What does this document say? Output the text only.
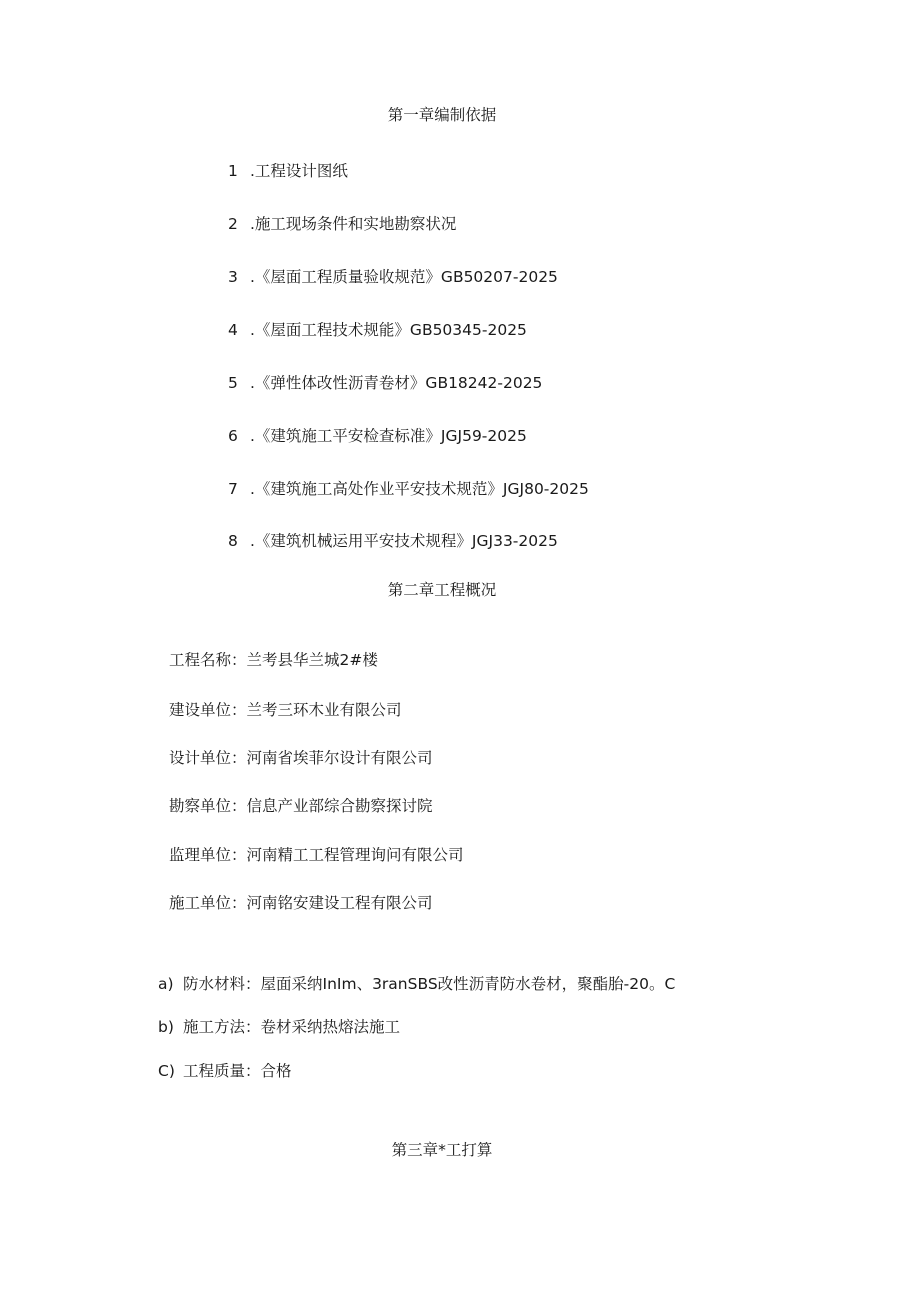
第一章编制依据
1 .工程设计图纸
2 .施工现场条件和实地勘察状况
3 .《屋面工程质量验收规范》GB50207-2025
4 .《屋面工程技术规能》GB50345-2025
5 .《弹性体改性沥青卷材》GB18242-2025
6 .《建筑施工平安检查标准》JGJ59-2025
7 .《建筑施工高处作业平安技术规范》JGJ80-2025
8 .《建筑机械运用平安技术规程》JGJ33-2025
第二章工程概况
工程名称：兰考县华兰城2#楼
建设单位：兰考三环木业有限公司
设计单位：河南省埃菲尔设计有限公司
勘察单位：信息产业部综合勘察探讨院
监理单位：河南精工工程管理询问有限公司
施工单位：河南铭安建设工程有限公司
a) 防水材料：屋面采纳InIm、3ranSBS改性沥青防水卷材，聚酯胎-20。C
b) 施工方法：卷材采纳热熔法施工
C) 工程质量：合格
第三章*工打算
